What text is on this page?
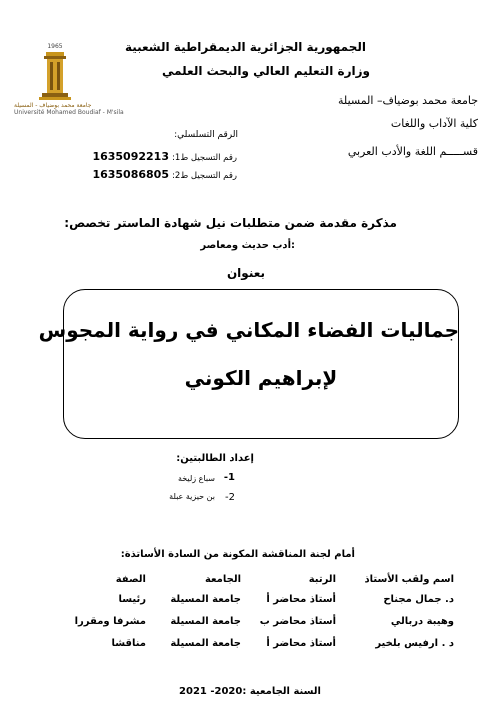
1965
جامعة محمد بوضياف - المسيلة
Université Mohamed Boudiaf - M'sila
الجمهورية الجزائرية الديمقراطية الشعبية
وزارة التعليم العالي والبحث العلمي
جامعة محمد بوضياف– المسيلة
كلية الآداب واللغات
قســـــم اللغة والأدب العربي
الرقم التسلسلي:
رقم التسجيل ط1: 1635092213
رقم التسجيل ط2: 1635086805
مذكرة مقدمة ضمن متطلبات نيل شهادة الماستر تخصص:
:أدب حديث ومعاصر
بعنوان
جماليات الفضاء المكاني في رواية المجوس
لإبراهيم الكوني
إعداد الطالبتين:
1-
سباع زليخة
2-
بن حيزية عبلة
أمام لجنة المناقشة المكونة من السادة الأساتذة:
اسم ولقب الأستاذ	الرتبة	الجامعة	الصفة
د. جمال مجناح	أستاذ محاضر أ	جامعة المسيلة	رئيسا
وهيبة دربالي	أستاذ محاضر ب	جامعة المسيلة	مشرفا ومقررا
د . ارفيس بلخير	أستاذ محاضر أ	جامعة المسيلة	مناقشا
السنة الجامعية :2020- 2021
